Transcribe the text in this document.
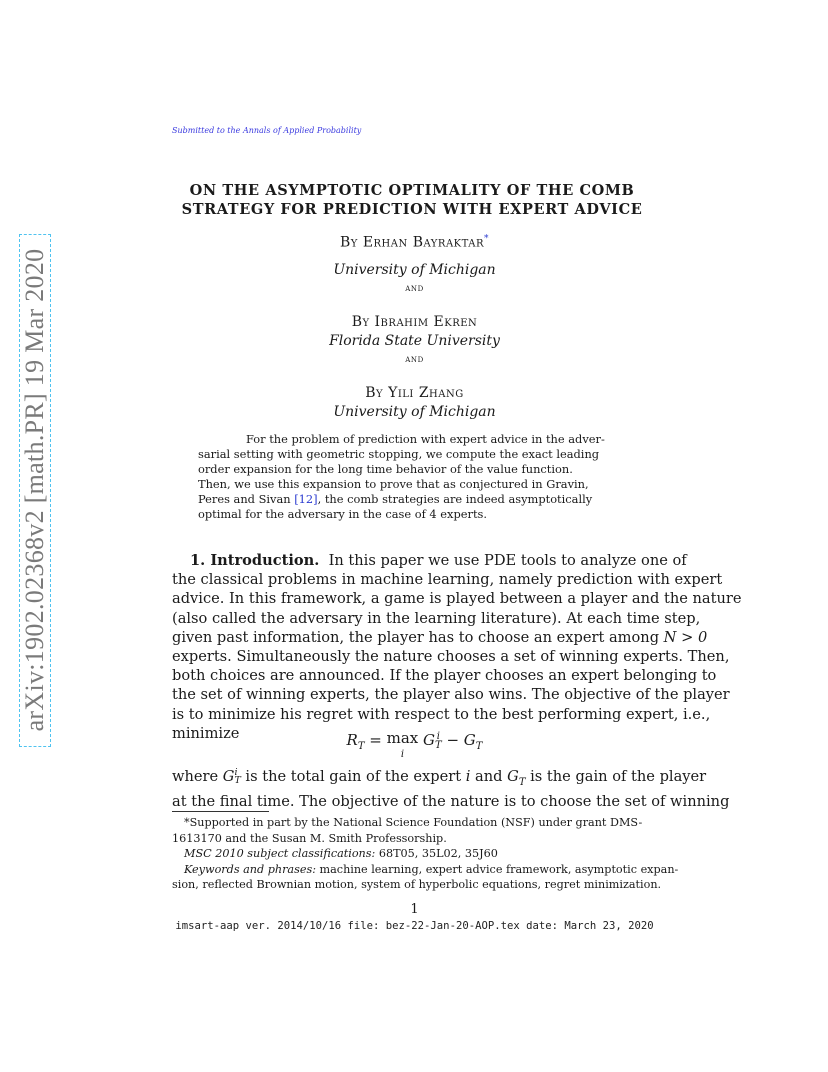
arXiv:1902.02368v2 [math.PR] 19 Mar 2020
Submitted to the Annals of Applied Probability
ON THE ASYMPTOTIC OPTIMALITY OF THE COMB
STRATEGY FOR PREDICTION WITH EXPERT ADVICE
By Erhan Bayraktar*
University of Michigan
and
By Ibrahim Ekren
Florida State University
and
By Yili Zhang
University of Michigan
For the problem of prediction with expert advice in the adver-
sarial setting with geometric stopping, we compute the exact leading
order expansion for the long time behavior of the value function.
Then, we use this expansion to prove that as conjectured in Gravin,
Peres and Sivan [12], the comb strategies are indeed asymptotically
optimal for the adversary in the case of 4 experts.
1. Introduction. In this paper we use PDE tools to analyze one of
the classical problems in machine learning, namely prediction with expert
advice. In this framework, a game is played between a player and the nature
(also called the adversary in the learning literature). At each time step,
given past information, the player has to choose an expert among N > 0
experts. Simultaneously the nature chooses a set of winning experts. Then,
both choices are announced. If the player chooses an expert belonging to
the set of winning experts, the player also wins. The objective of the player
is to minimize his regret with respect to the best performing expert, i.e.,
minimize	$R_T = \max$
i G i
$T - G_T$
where Gi
T is the total gain of the expert i and $G_T$ is the gain of the player
at the final time. The objective of the nature is to choose the set of winning
*Supported in part by the National Science Foundation (NSF) under grant DMS-
1613170 and the Susan M. Smith Professorship.
MSC 2010 subject classifications: 68T05, 35L02, 35J60
Keywords and phrases: machine learning, expert advice framework, asymptotic expan-
sion, reflected Brownian motion, system of hyperbolic equations, regret minimization.
1
imsart-aap ver. 2014/10/16 file: bez-22-Jan-20-AOP.tex date: March 23, 2020
